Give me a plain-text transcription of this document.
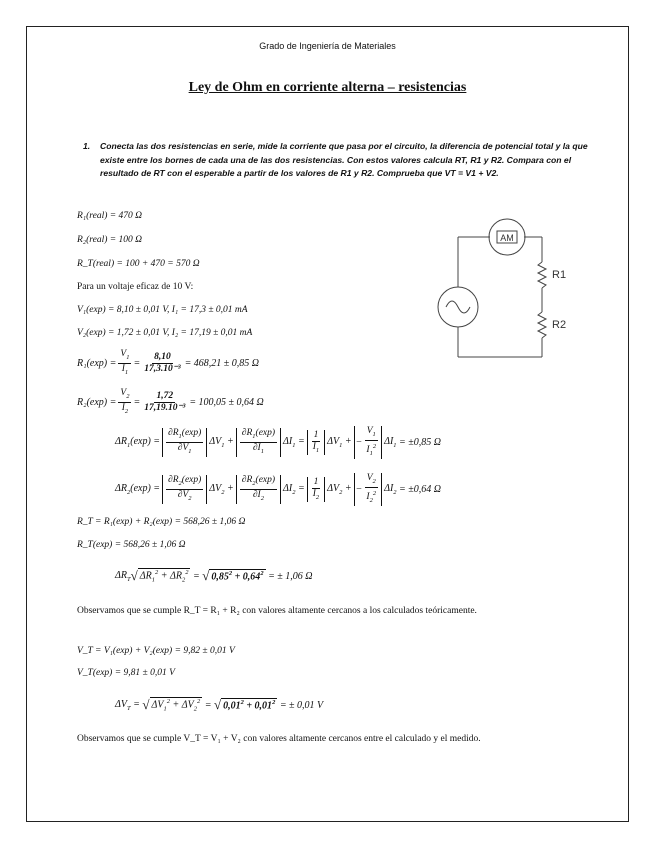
Grado de Ingeniería de Materiales
Ley de Ohm en corriente alterna – resistencias
1. Conecta las dos resistencias en serie, mide la corriente que pasa por el circuito, la diferencia de potencial total y la que existe entre los bornes de cada una de las dos resistencias. Con estos valores calcula RT, R1 y R2. Compara con el resultado de RT con el esperable a partir de los valores de R1 y R2. Comprueba que VT = V1 + V2.
R₁(real) = 470 Ω
R₂(real) = 100 Ω
R_T(real) = 100 + 470 = 570 Ω
Para un voltaje eficaz de 10 V:
V₁(exp) = 8,10 ± 0,01 V, I₁ = 17,3 ± 0,01 mA
V₂(exp) = 1,72 ± 0,01 V, I₂ = 17,19 ± 0,01 mA
$R_1(\exp) = \frac{V_1}{I_1} = \frac{8,10}{\text{17,3.10⁻³}} = 468,21 \pm 0,85$ Ω
$R_2(\exp) = \frac{V_2}{I_2} = \frac{1,72}{\text{17,19.10⁻³}} = 100,05 \pm 0,64$ Ω
$\Delta R_1(\exp) = \frac{\partial R_1(\exp)}{\partial V_1} \Delta V_1 + \frac{\partial R_1(\exp)}{\partial I_1} \Delta I_1 = \frac{1}{I_1} \Delta V_1$ + − $\frac{V_1}{I_1^2} \Delta I_1 = \pm 0,85$ Ω
$\Delta R_2(\exp) = \frac{\partial R_2(\exp)}{\partial V_2} \Delta V_2 + \frac{\partial R_2(\exp)}{\partial I_2} \Delta I_2 = \frac{1}{I_2} \Delta V_2$ + − $\frac{V_2}{I_2^2} \Delta I_2 = \pm 0,64$ Ω
R_T = R₁(exp) + R₂(exp) = 568,26 ± 1,06 Ω
R_T(exp) = 568,26 ± 1,06 Ω
$\Delta R_T$ √ $\Delta R_1^2 + \Delta R_2^2$ = √ $0,85^2 + 0,64^2$
= ± 1,06 Ω
Observamos que se cumple R_T = R₁ + R₂ con valores altamente cercanos a los calculados teóricamente.
V_T = V₁(exp) + V₂(exp) = 9,82 ± 0,01 V
V_T(exp) = 9,81 ± 0,01 V
$\Delta V_T$ = √ $\Delta V_1^2 + \Delta V_2^2$ = √ $0,01^2 + 0,01^2$
= ± 0,01 V
Observamos que se cumple V_T = V₁ + V₂ con valores altamente cercanos entre el calculado y el medido.
AM
R1
R2
